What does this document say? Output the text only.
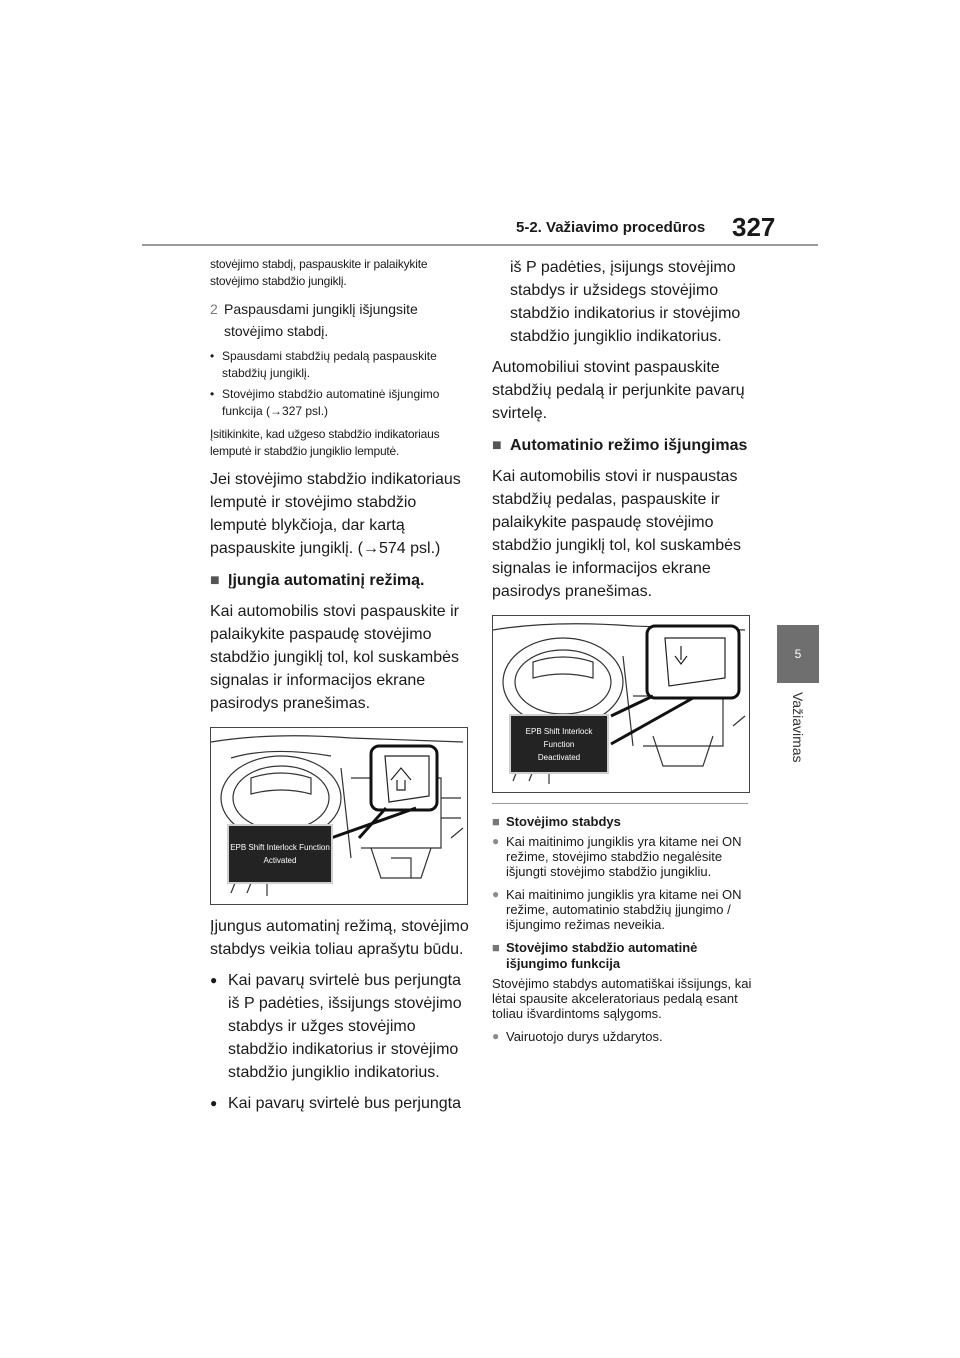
5-2. Važiavimo procedūros 327
5
Važiavimas
stovėjimo stabdį, paspauskite ir palaikykite stovėjimo stabdžio jungiklį.
2 Paspausdami jungiklį išjungsite stovėjimo stabdį.
• Spausdami stabdžių pedalą paspauskite stabdžių jungiklį.
• Stovėjimo stabdžio automatinė išjungimo funkcija (→327 psl.)
Įsitikinkite, kad užgeso stabdžio indikatoriaus lemputė ir stabdžio jungiklio lemputė.
Jei stovėjimo stabdžio indikatoriaus lemputė ir stovėjimo stabdžio lemputė blykčioja, dar kartą paspauskite jungiklį. (→574 psl.)
■ Įjungia automatinį režimą.
Kai automobilis stovi paspauskite ir palaikykite paspaudę stovėjimo stabdžio jungiklį tol, kol suskambės signalas ir informacijos ekrane pasirodys pranešimas.
EPB Shift Interlock Function
Activated
Įjungus automatinį režimą, stovėjimo stabdys veikia toliau aprašytu būdu.
● Kai pavarų svirtelė bus perjungta iš P padėties, išsijungs stovėjimo stabdys ir užges stovėjimo stabdžio indikatorius ir stovėjimo stabdžio jungiklio indikatorius.
● Kai pavarų svirtelė bus perjungta
iš P padėties, įsijungs stovėjimo stabdys ir užsidegs stovėjimo stabdžio indikatorius ir stovėjimo stabdžio jungiklio indikatorius.
Automobiliui stovint paspauskite stabdžių pedalą ir perjunkite pavarų svirtelę.
■ Automatinio režimo išjungimas
Kai automobilis stovi ir nuspaustas stabdžių pedalas, paspauskite ir palaikykite paspaudę stovėjimo stabdžio jungiklį tol, kol suskambės signalas ie informacijos ekrane pasirodys pranešimas.
EPB Shift Interlock Function
Deactivated
■ Stovėjimo stabdys
● Kai maitinimo jungiklis yra kitame nei ON režime, stovėjimo stabdžio negalėsite išjungti stovėjimo stabdžio jungikliu.
● Kai maitinimo jungiklis yra kitame nei ON režime, automatinio stabdžių įjungimo / išjungimo režimas neveikia.
■ Stovėjimo stabdžio automatinė išjungimo funkcija
Stovėjimo stabdys automatiškai išsijungs, kai lėtai spausite akceleratoriaus pedalą esant toliau išvardintoms sąlygoms.
● Vairuotojo durys uždarytos.
